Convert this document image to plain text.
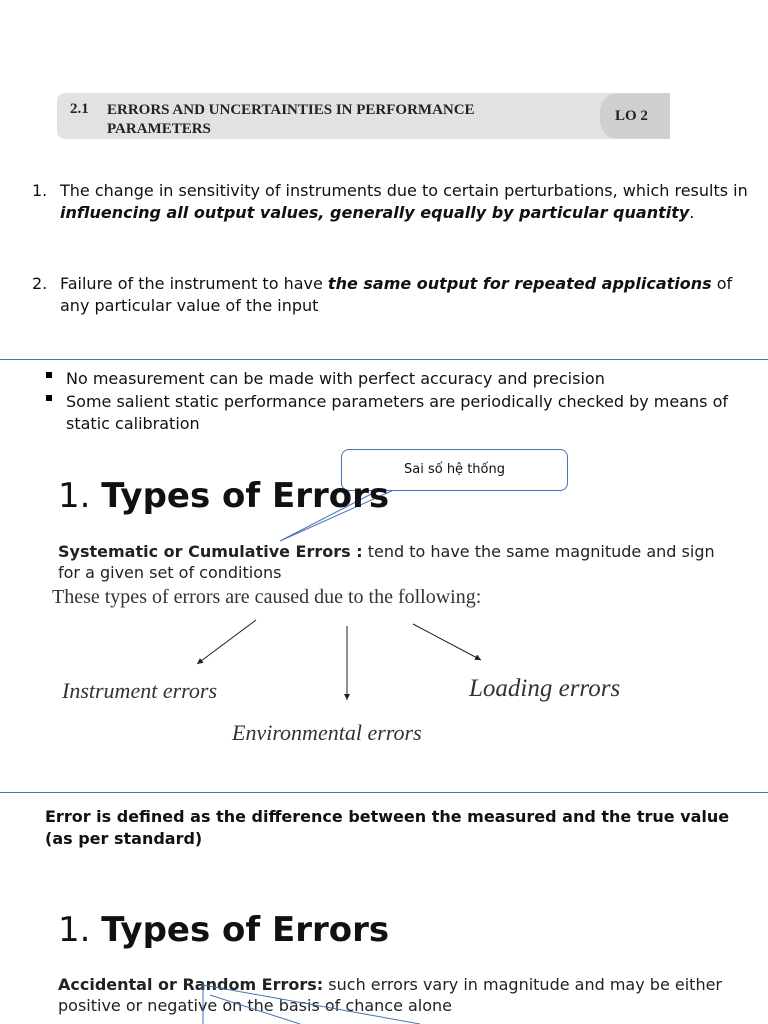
2.1 ERRORS AND UNCERTAINTIES IN PERFORMANCE PARAMETERS
LO 2
1. The change in sensitivity of instruments due to certain perturbations, which results in influencing all output values, generally equally by particular quantity.
2. Failure of the instrument to have the same output for repeated applications of any particular value of the input
No measurement can be made with perfect accuracy and precision
Some salient static performance parameters are periodically checked by means of static calibration
Sai số hệ thống
1. Types of Errors
Systematic or Cumulative Errors : tend to have the same magnitude and sign for a given set of conditions
These types of errors are caused due to the following:
Instrument errors
Environmental errors
Loading errors
Error is defined as the difference between the measured and the true value (as per standard)
1. Types of Errors
Accidental or Random Errors: such errors vary in magnitude and may be either positive or negative on the basis of chance alone
